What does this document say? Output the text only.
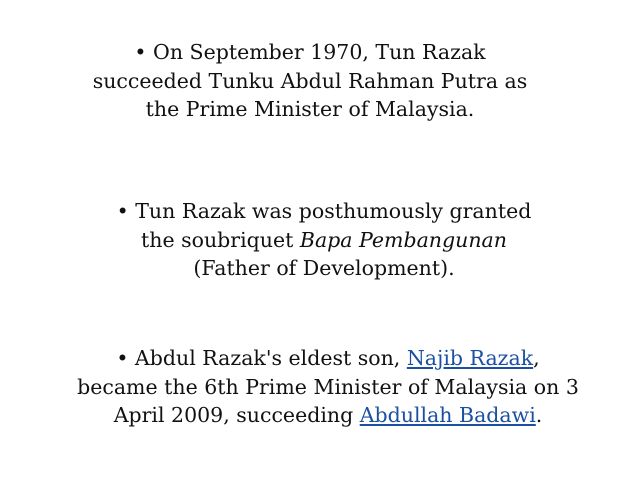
• On September 1970, Tun Razak
succeeded Tunku Abdul Rahman Putra as
the Prime Minister of Malaysia.
• Tun Razak was posthumously granted
the soubriquet Bapa Pembangunan
(Father of Development).
• Abdul Razak's eldest son, Najib Razak,
became the 6th Prime Minister of Malaysia on 3
April 2009, succeeding Abdullah Badawi.
